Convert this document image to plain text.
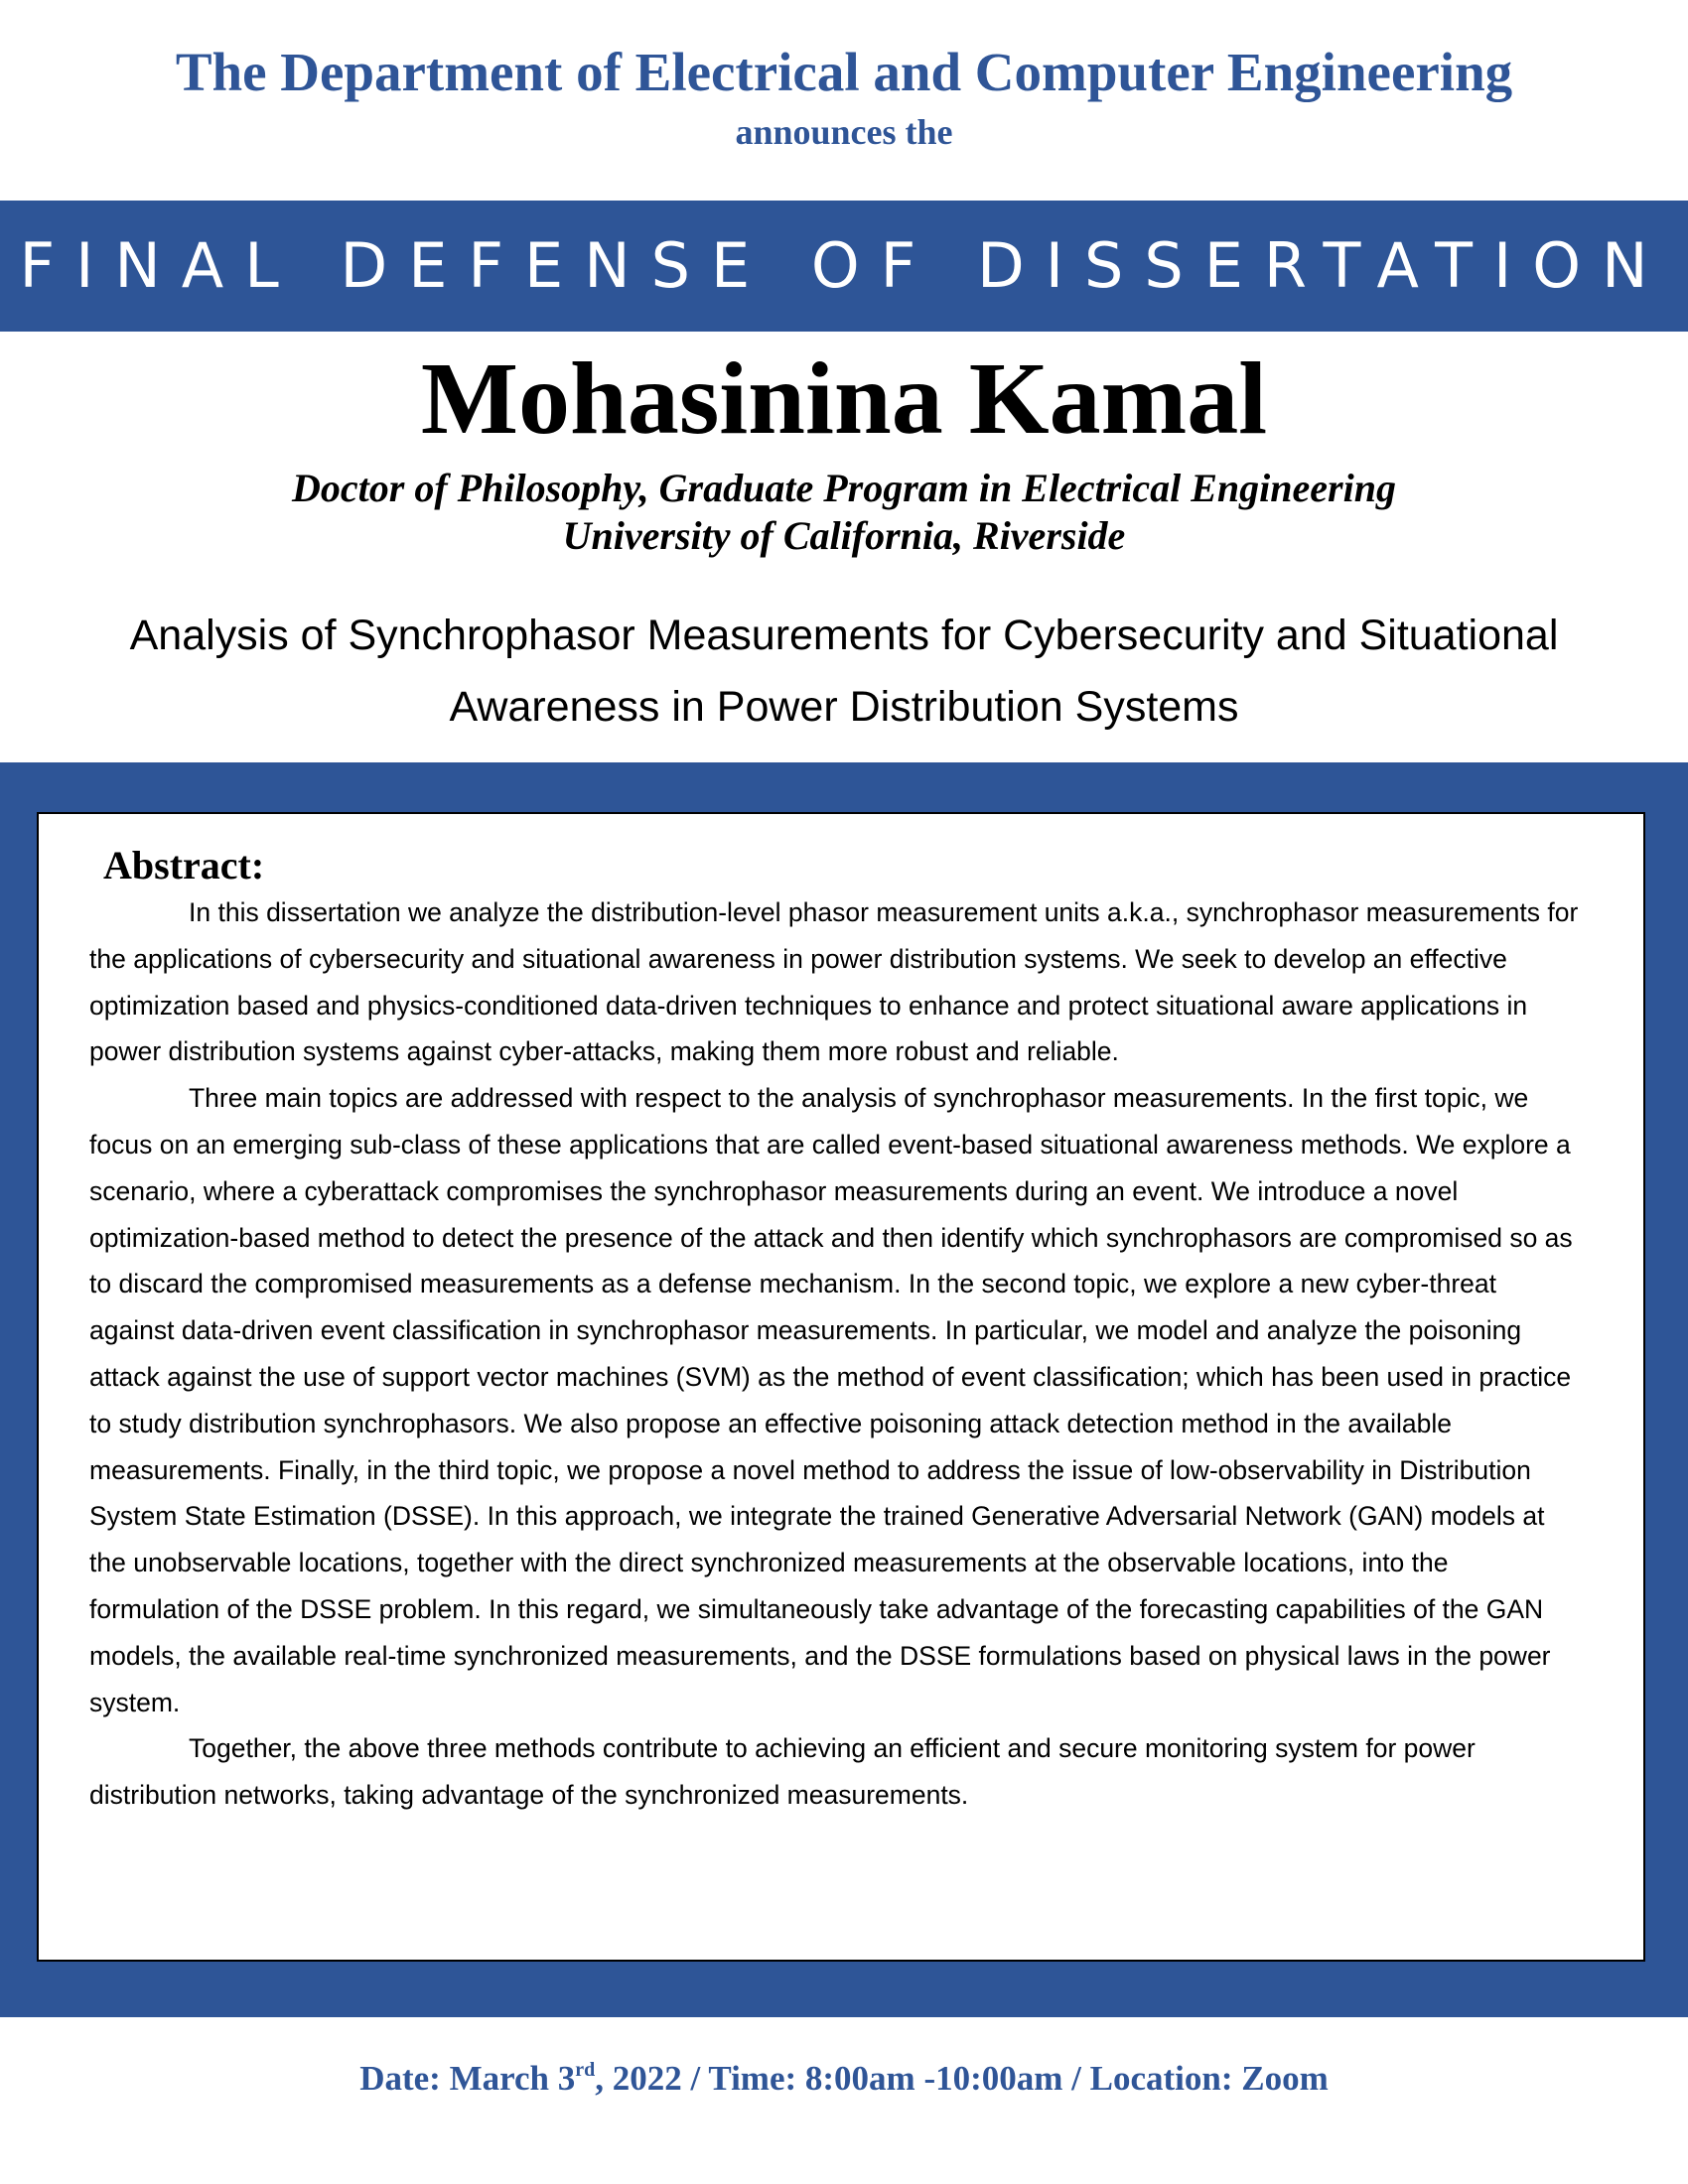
The Department of Electrical and Computer Engineering
announces the
FINAL DEFENSE OF DISSERTATION
Mohasinina Kamal
Doctor of Philosophy, Graduate Program in Electrical Engineering
University of California, Riverside
Analysis of Synchrophasor Measurements for Cybersecurity and Situational Awareness in Power Distribution Systems
Abstract:

In this dissertation we analyze the distribution-level phasor measurement units a.k.a., synchrophasor measurements for the applications of cybersecurity and situational awareness in power distribution systems. We seek to develop an effective optimization based and physics-conditioned data-driven techniques to enhance and protect situational aware applications in power distribution systems against cyber-attacks, making them more robust and reliable.

Three main topics are addressed with respect to the analysis of synchrophasor measurements. In the first topic, we focus on an emerging sub-class of these applications that are called event-based situational awareness methods. We explore a scenario, where a cyberattack compromises the synchrophasor measurements during an event. We introduce a novel optimization-based method to detect the presence of the attack and then identify which synchrophasors are compromised so as to discard the compromised measurements as a defense mechanism. In the second topic, we explore a new cyber-threat against data-driven event classification in synchrophasor measurements. In particular, we model and analyze the poisoning attack against the use of support vector machines (SVM) as the method of event classification; which has been used in practice to study distribution synchrophasors. We also propose an effective poisoning attack detection method in the available measurements. Finally, in the third topic, we propose a novel method to address the issue of low-observability in Distribution System State Estimation (DSSE). In this approach, we integrate the trained Generative Adversarial Network (GAN) models at the unobservable locations, together with the direct synchronized measurements at the observable locations, into the formulation of the DSSE problem. In this regard, we simultaneously take advantage of the forecasting capabilities of the GAN models, the available real-time synchronized measurements, and the DSSE formulations based on physical laws in the power system.

Together, the above three methods contribute to achieving an efficient and secure monitoring system for power distribution networks, taking advantage of the synchronized measurements.

Date: March 3rd, 2022 / Time: 8:00am -10:00am / Location: Zoom
